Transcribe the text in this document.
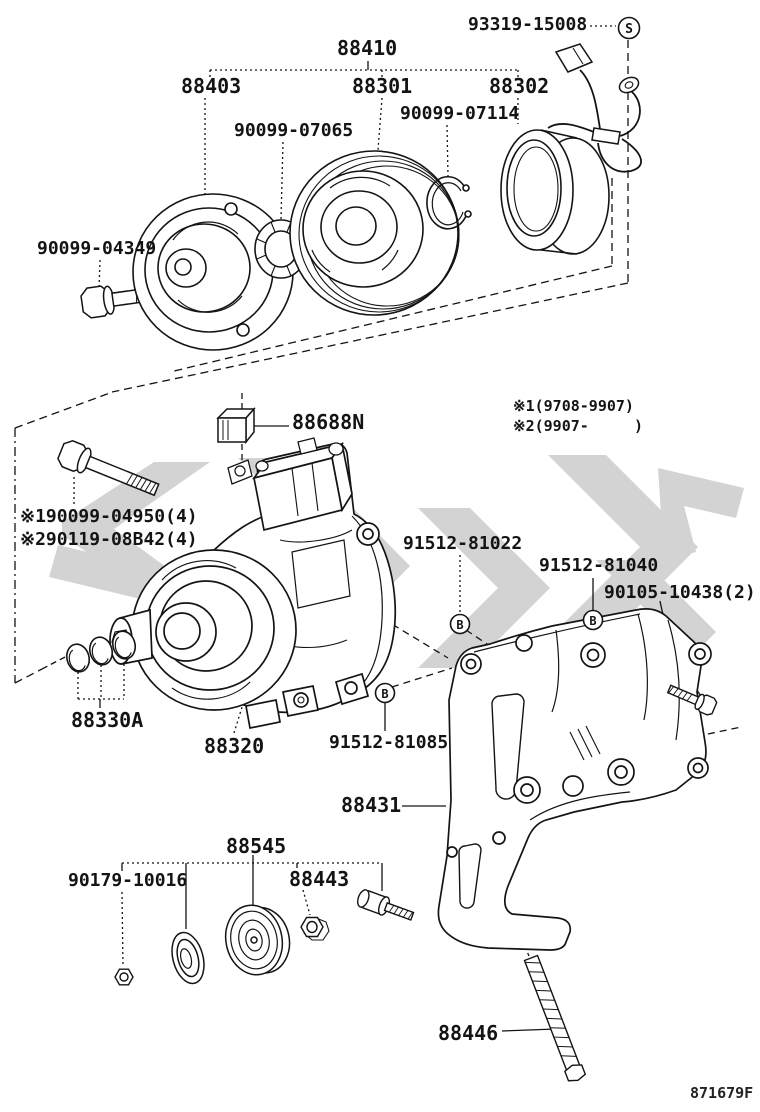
S
B	B
B
93319-15008
88410
88403	88301	88302
90099-07065
90099-07114
90099-04349
88688N
※1(9708-9907)
※2(9907-     )
※190099-04950(4)
※290119-08B42(4)	91512-81022
91512-81040
90105-10438(2)
88330A
88320	91512-81085
88431
88545
90179-10016	88443
88446
871679F
